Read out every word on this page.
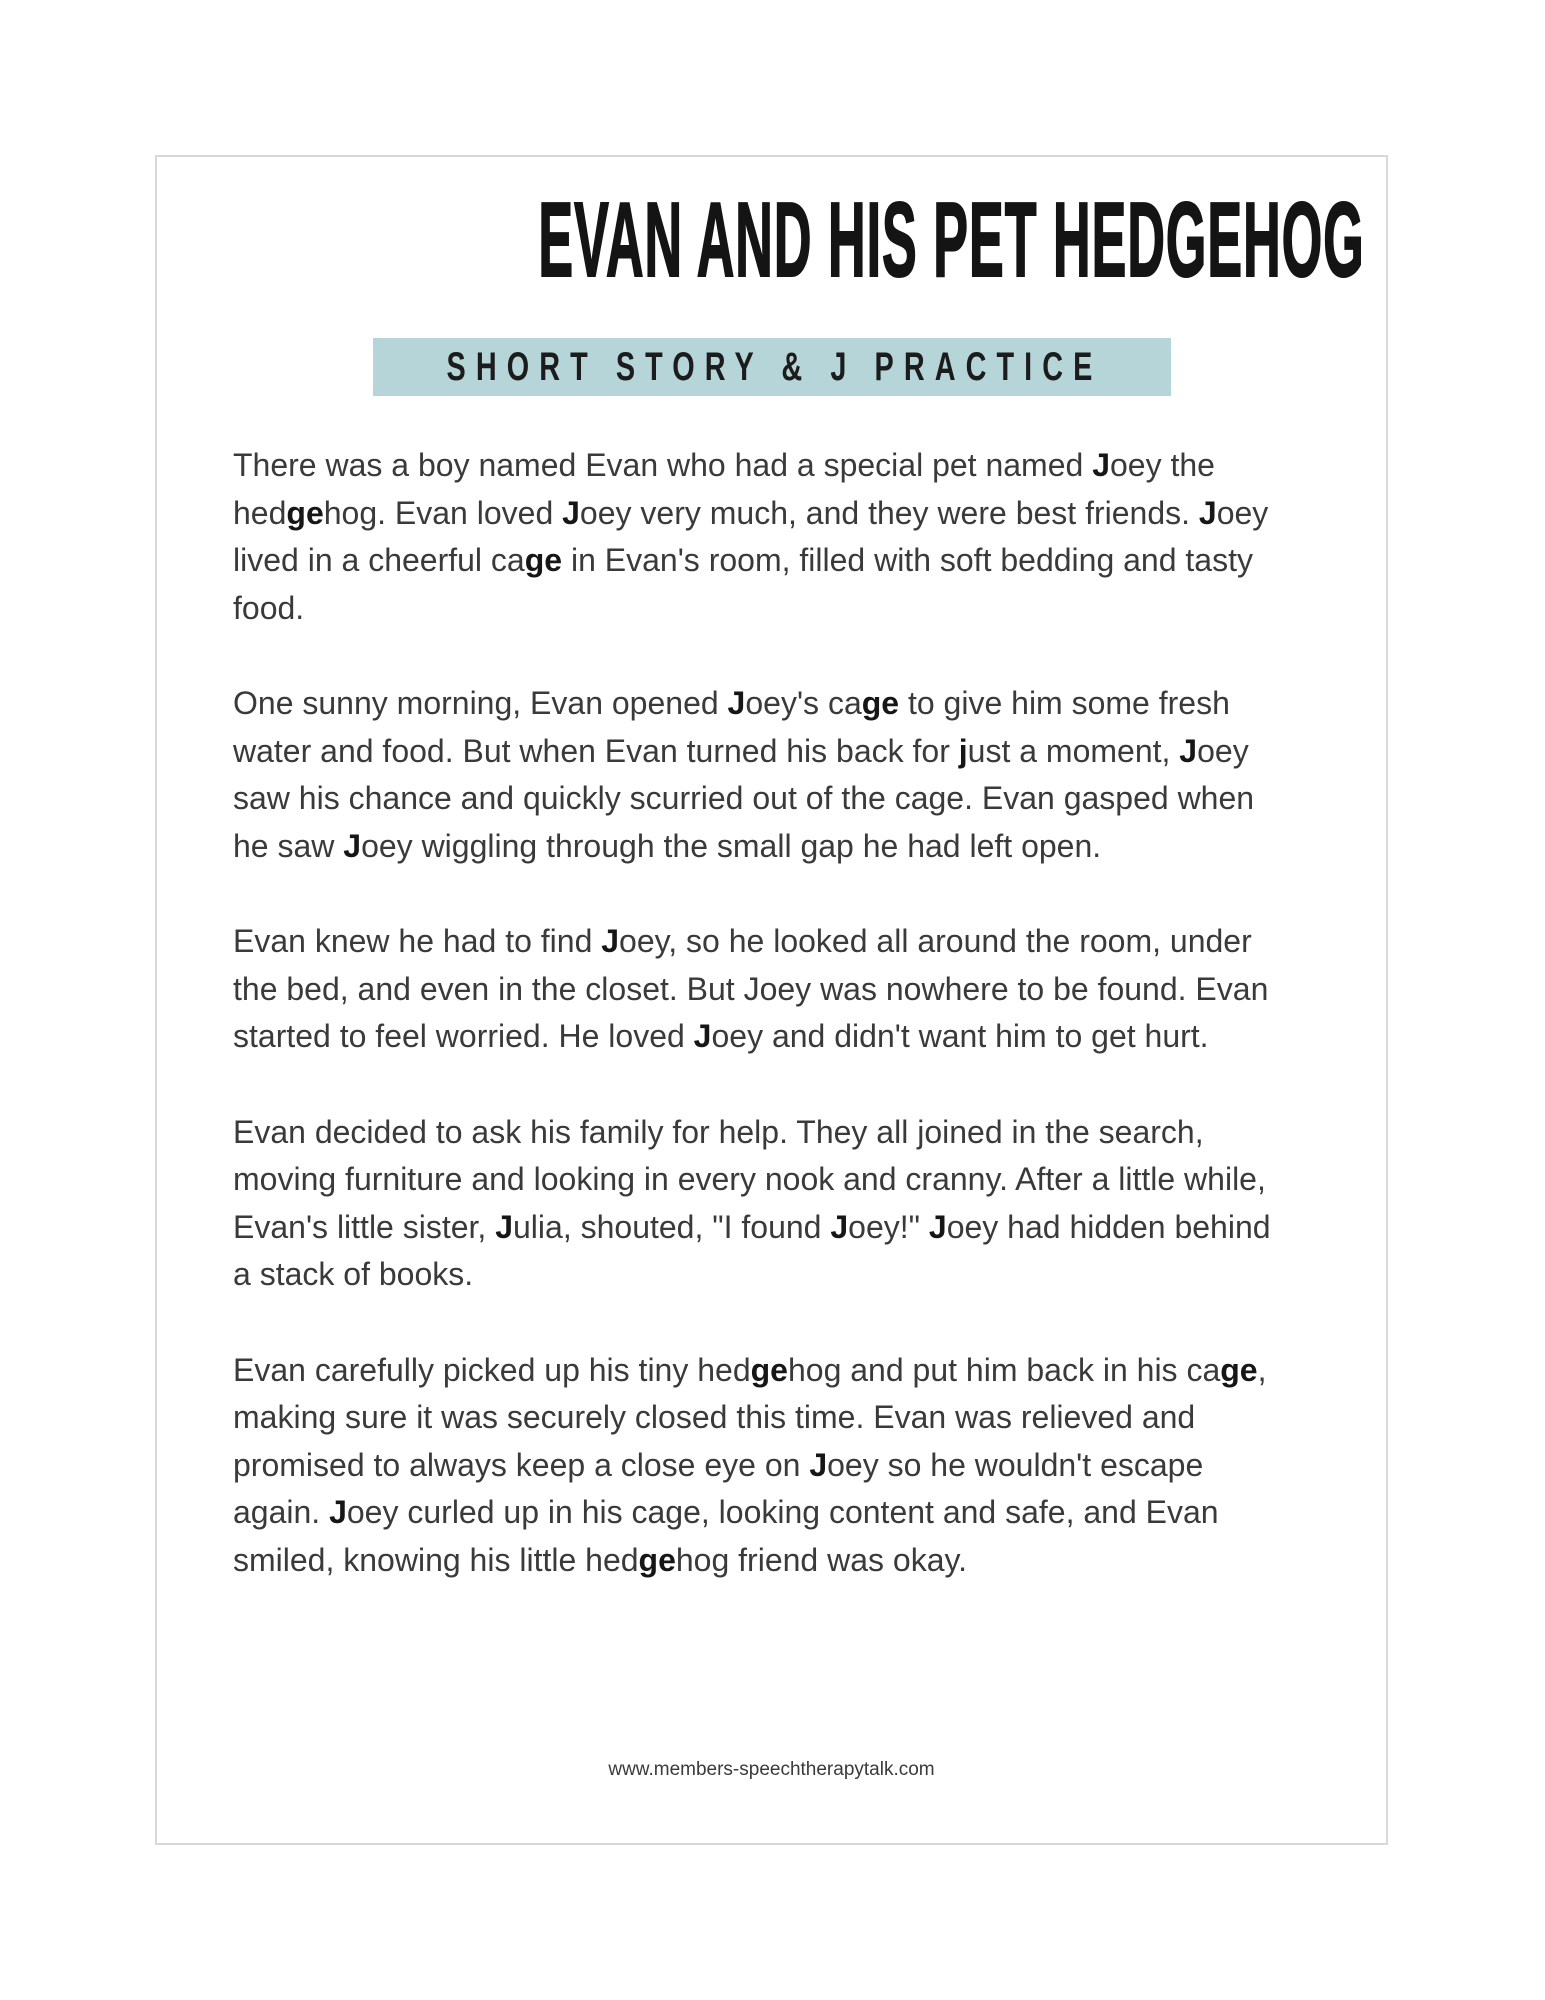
EVAN AND HIS PET HEDGEHOG
SHORT STORY & J PRACTICE

There was a boy named Evan who had a special pet named Joey the hedgehog. Evan loved Joey very much, and they were best friends. Joey lived in a cheerful cage in Evan's room, filled with soft bedding and tasty food.

One sunny morning, Evan opened Joey's cage to give him some fresh water and food. But when Evan turned his back for just a moment, Joey saw his chance and quickly scurried out of the cage. Evan gasped when he saw Joey wiggling through the small gap he had left open.

Evan knew he had to find Joey, so he looked all around the room, under the bed, and even in the closet. But Joey was nowhere to be found. Evan started to feel worried. He loved Joey and didn't want him to get hurt.

Evan decided to ask his family for help. They all joined in the search, moving furniture and looking in every nook and cranny. After a little while, Evan's little sister, Julia, shouted, "I found Joey!" Joey had hidden behind a stack of books.

Evan carefully picked up his tiny hedgehog and put him back in his cage, making sure it was securely closed this time. Evan was relieved and promised to always keep a close eye on Joey so he wouldn't escape again. Joey curled up in his cage, looking content and safe, and Evan smiled, knowing his little hedgehog friend was okay.

www.members-speechtherapytalk.com
